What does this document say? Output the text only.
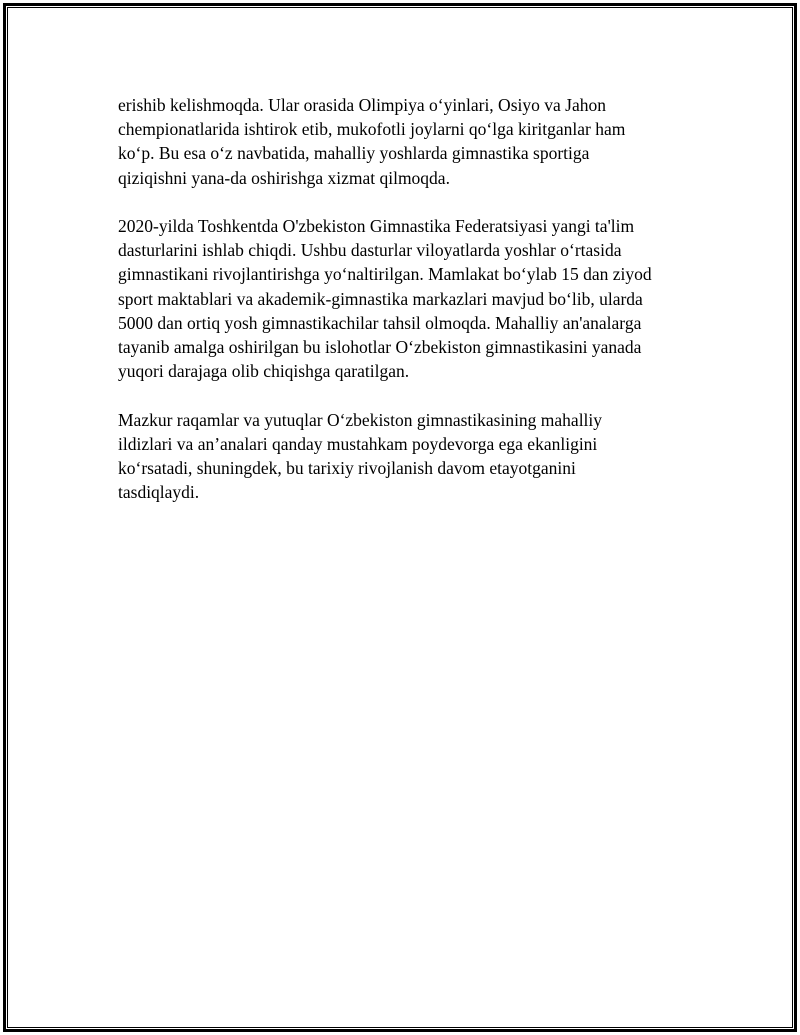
erishib kelishmoqda. Ular orasida Olimpiya oʻyinlari, Osiyo va Jahon
chempionatlarida ishtirok etib, mukofotli joylarni qoʻlga kiritganlar ham
koʻp. Bu esa oʻz navbatida, mahalliy yoshlarda gimnastika sportiga
qiziqishni yana-da oshirishga xizmat qilmoqda.

2020-yilda Toshkentda O'zbekiston Gimnastika Federatsiyasi yangi ta'lim
dasturlarini ishlab chiqdi. Ushbu dasturlar viloyatlarda yoshlar oʻrtasida
gimnastikani rivojlantirishga yoʻnaltirilgan. Mamlakat boʻylab 15 dan ziyod
sport maktablari va akademik-gimnastika markazlari mavjud boʻlib, ularda
5000 dan ortiq yosh gimnastikachilar tahsil olmoqda. Mahalliy an'analarga
tayanib amalga oshirilgan bu islohotlar Oʻzbekiston gimnastikasini yanada
yuqori darajaga olib chiqishga qaratilgan.

Mazkur raqamlar va yutuqlar Oʻzbekiston gimnastikasining mahalliy
ildizlari va an’analari qanday mustahkam poydevorga ega ekanligini
koʻrsatadi, shuningdek, bu tarixiy rivojlanish davom etayotganini
tasdiqlaydi.
